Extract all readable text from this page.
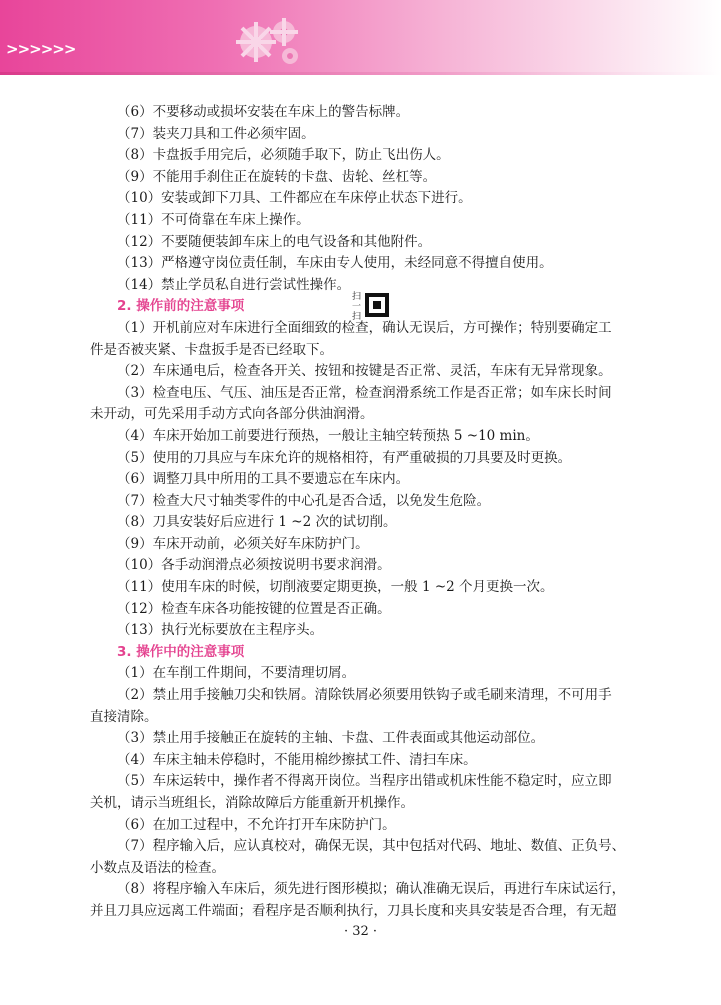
>>>>>>

（6）不要移动或损坏安装在车床上的警告标牌。

（7）装夹刀具和工件必须牢固。

（8）卡盘扳手用完后，必须随手取下，防止飞出伤人。

（9）不能用手刹住正在旋转的卡盘、齿轮、丝杠等。

（10）安装或卸下刀具、工件都应在车床停止状态下进行。

（11）不可倚靠在车床上操作。

（12）不要随便装卸车床上的电气设备和其他附件。

（13）严格遵守岗位责任制，车床由专人使用，未经同意不得擅自使用。

（14）禁止学员私自进行尝试性操作。

2. 操作前的注意事项
扫
一
扫

（1）开机前应对车床进行全面细致的检查，确认无误后，方可操作；特别要确定工

件是否被夹紧、卡盘扳手是否已经取下。

（2）车床通电后，检查各开关、按钮和按键是否正常、灵活，车床有无异常现象。

（3）检查电压、气压、油压是否正常，检查润滑系统工作是否正常；如车床长时间

未开动，可先采用手动方式向各部分供油润滑。

（4）车床开始加工前要进行预热，一般让主轴空转预热 5 ~10 min。

（5）使用的刀具应与车床允许的规格相符，有严重破损的刀具要及时更换。

（6）调整刀具中所用的工具不要遗忘在车床内。

（7）检查大尺寸轴类零件的中心孔是否合适，以免发生危险。

（8）刀具安装好后应进行 1 ~2 次的试切削。

（9）车床开动前，必须关好车床防护门。

（10）各手动润滑点必须按说明书要求润滑。

（11）使用车床的时候，切削液要定期更换，一般 1 ~2 个月更换一次。

（12）检查车床各功能按键的位置是否正确。

（13）执行光标要放在主程序头。

3. 操作中的注意事项

（1）在车削工件期间，不要清理切屑。

（2）禁止用手接触刀尖和铁屑。清除铁屑必须要用铁钩子或毛刷来清理，不可用手

直接清除。

（3）禁止用手接触正在旋转的主轴、卡盘、工件表面或其他运动部位。

（4）车床主轴未停稳时，不能用棉纱擦拭工件、清扫车床。

（5）车床运转中，操作者不得离开岗位。当程序出错或机床性能不稳定时，应立即

关机，请示当班组长，消除故障后方能重新开机操作。

（6）在加工过程中，不允许打开车床防护门。

（7）程序输入后，应认真校对，确保无误，其中包括对代码、地址、数值、正负号、

小数点及语法的检查。

（8）将程序输入车床后，须先进行图形模拟；确认准确无误后，再进行车床试运行，

并且刀具应远离工件端面；看程序是否顺利执行，刀具长度和夹具安装是否合理，有无超

· 32 ·
